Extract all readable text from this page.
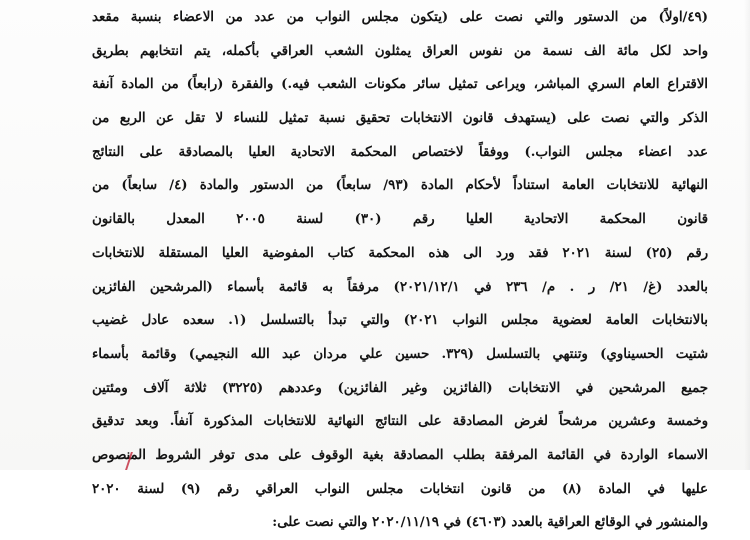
(٤٩/اولاً) من الدستور والتي نصت على (يتكون مجلس النواب من عدد من الاعضاء بنسبة مقعد
واحد لكل مائة الف نسمة من نفوس العراق يمثلون الشعب العراقي بأكمله، يتم انتخابهم بطريق
الاقتراع العام السري المباشر، ويراعى تمثيل سائر مكونات الشعب فيه.) والفقرة (رابعاً) من المادة آنفة
الذكر والتي نصت على (يستهدف قانون الانتخابات تحقيق نسبة تمثيل للنساء لا تقل عن الربع من
عدد اعضاء مجلس النواب.) ووفقاً لاختصاص المحكمة الاتحادية العليا بالمصادقة على النتائج
النهائية للانتخابات العامة استناداً لأحكام المادة (٩٣/ سابعاً) من الدستور والمادة (٤/ سابعاً) من
قانون المحكمة الاتحادية العليا رقم (٣٠) لسنة ٢٠٠٥ المعدل بالقانون
رقم (٢٥) لسنة ٢٠٢١ فقد ورد الى هذه المحكمة كتاب المفوضية العليا المستقلة للانتخابات
بالعدد (غ/ ٢١/ ر . م/ ٢٣٦ في ٢٠٢١/١٢/١) مرفقاً به قائمة بأسماء (المرشحين الفائزين
بالانتخابات العامة لعضوية مجلس النواب ٢٠٢١) والتي تبدأ بالتسلسل (١. سعده عادل غضيب
شتيت الحسيناوي) وتنتهي بالتسلسل (٣٢٩. حسين علي مردان عبد الله النجيمي) وقائمة بأسماء
جميع المرشحين في الانتخابات (الفائزين وغير الفائزين) وعددهم (٣٢٢٥) ثلاثة آلاف ومئتين
وخمسة وعشرين مرشحاً لغرض المصادقة على النتائج النهائية للانتخابات المذكورة آنفاً. وبعد تدقيق
الاسماء الواردة في القائمة المرفقة بطلب المصادقة بغية الوقوف على مدى توفر الشروط المنصوص
عليها في المادة (٨) من قانون انتخابات مجلس النواب العراقي رقم (٩) لسنة ٢٠٢٠
والمنشور في الوقائع العراقية بالعدد (٤٦٠٣) في ٢٠٢٠/١١/١٩ والتي نصت على:
